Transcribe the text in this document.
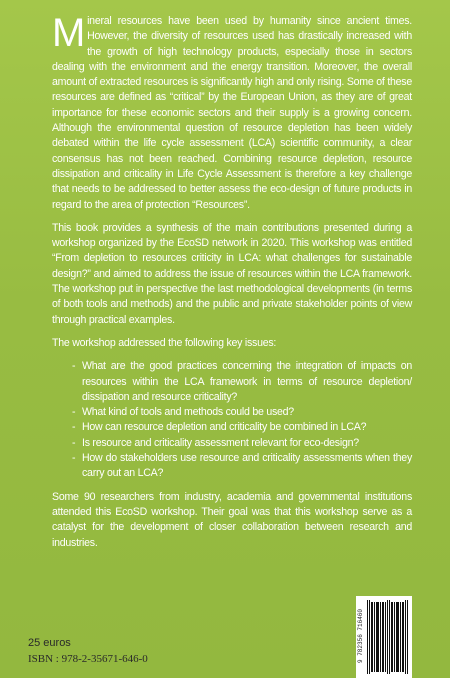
Mineral resources have been used by humanity since ancient times. However, the diversity of resources used has drastically increased with the growth of high technology products, especially those in sectors dealing with the environment and the energy transition. Moreover, the overall amount of extracted resources is significantly high and only rising. Some of these resources are defined as “critical” by the European Union, as they are of great importance for these economic sectors and their supply is a growing concern. Although the environmental question of resource depletion has been widely debated within the life cycle assessment (LCA) scientific community, a clear consensus has not been reached. Combining resource depletion, resource dissipation and criticality in Life Cycle Assessment is therefore a key challenge that needs to be addressed to better assess the eco-design of future products in regard to the area of protection “Resources”.

This book provides a synthesis of the main contributions presented during a workshop organized by the EcoSD network in 2020. This workshop was entitled “From depletion to resources criticity in LCA: what challenges for sustainable design?” and aimed to address the issue of resources within the LCA framework. The workshop put in perspective the last methodological developments (in terms of both tools and methods) and the public and private stakeholder points of view through practical examples.

The workshop addressed the following key issues:

- What are the good practices concerning the integration of impacts on resources within the LCA framework in terms of resource depletion/ dissipation and resource criticality?
- What kind of tools and methods could be used?
- How can resource depletion and criticality be combined in LCA?
- Is resource and criticality assessment relevant for eco-design?
- How do stakeholders use resource and criticality assessments when they carry out an LCA?

Some 90 researchers from industry, academia and governmental institutions attended this EcoSD workshop. Their goal was that this workshop serve as a catalyst for the development of closer collaboration between research and industries.

9 782356 716460
25 euros
ISBN : 978-2-35671-646-0
